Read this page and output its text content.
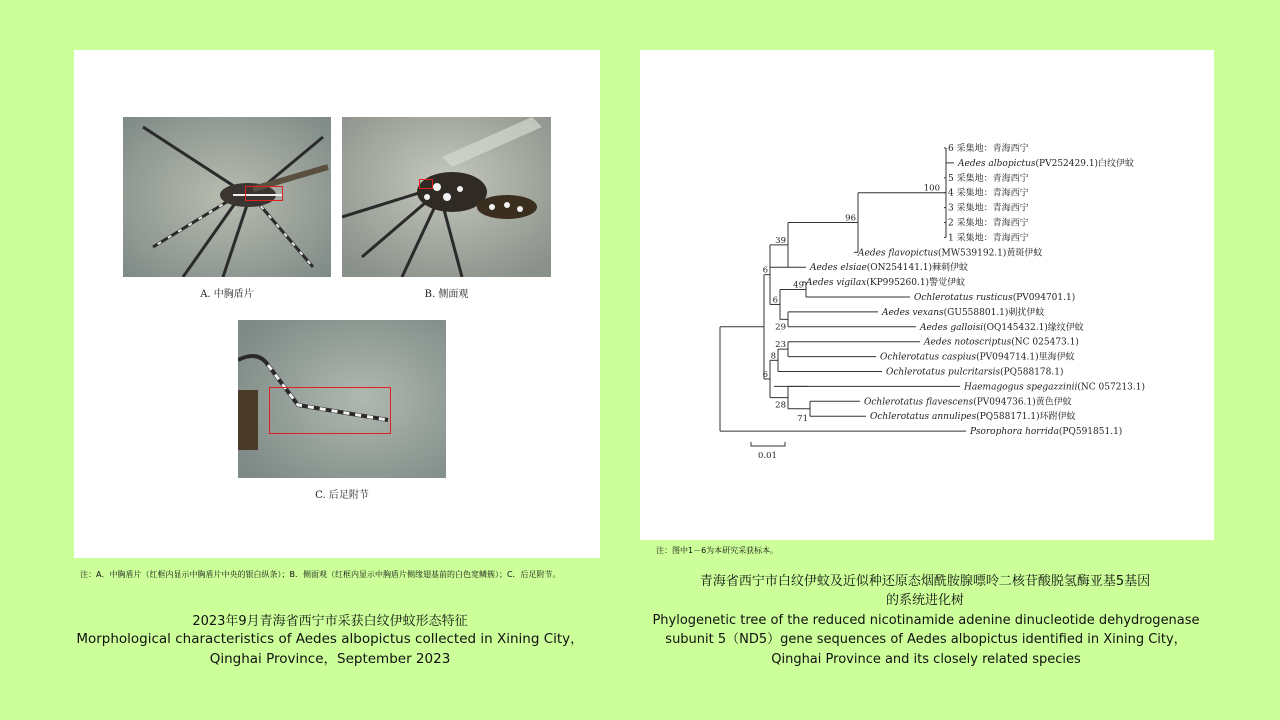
A. 中胸盾片	B. 侧面观
C. 后足附节
注：A．中胸盾片（红框内显示中胸盾片中央的银白纵条）；B．侧面观（红框内显示中胸盾片侧缘翅基前的白色宽鳞簇）；C．后足附节。
2023年9月青海省西宁市采获白纹伊蚊形态特征
Morphological characteristics of Aedes albopictus collected in Xining City，
Qinghai Province，September 2023
6 采集地：青海西宁
Aedes albopictus(PV252429.1)白纹伊蚊
5 采集地：青海西宁
4 采集地：青海西宁
3 采集地：青海西宁
2 采集地：青海西宁
1 采集地：青海西宁
Aedes flavopictus(MW539192.1)黄斑伊蚊
Aedes elsiae(ON254141.1)棘刺伊蚊
Aedes vigilax(KP995260.1)警觉伊蚊
Ochlerotatus rusticus(PV094701.1)
Aedes vexans(GU558801.1)刺扰伊蚊
Aedes galloisi(OQ145432.1)缘纹伊蚊
Aedes notoscriptus(NC 025473.1)
Ochlerotatus caspius(PV094714.1)里海伊蚊
Ochlerotatus pulcritarsis(PQ588178.1)
Haemagogus spegazzinii(NC 057213.1)
Ochlerotatus flavescens(PV094736.1)黄色伊蚊
Ochlerotatus annulipes(PQ588171.1)环跗伊蚊
Psorophora horrida(PQ591851.1)
100
96
39
6
49
6
29
23
8
6
28
71
0.01
注：图中1－6为本研究采获标本。
青海省西宁市白纹伊蚊及近似种还原态烟酰胺腺嘌呤二核苷酸脱氢酶亚基5基因
的系统进化树
Phylogenetic tree of the reduced nicotinamide adenine dinucleotide dehydrogenase
subunit 5（ND5）gene sequences of Aedes albopictus identified in Xining City，
Qinghai Province and its closely related species
